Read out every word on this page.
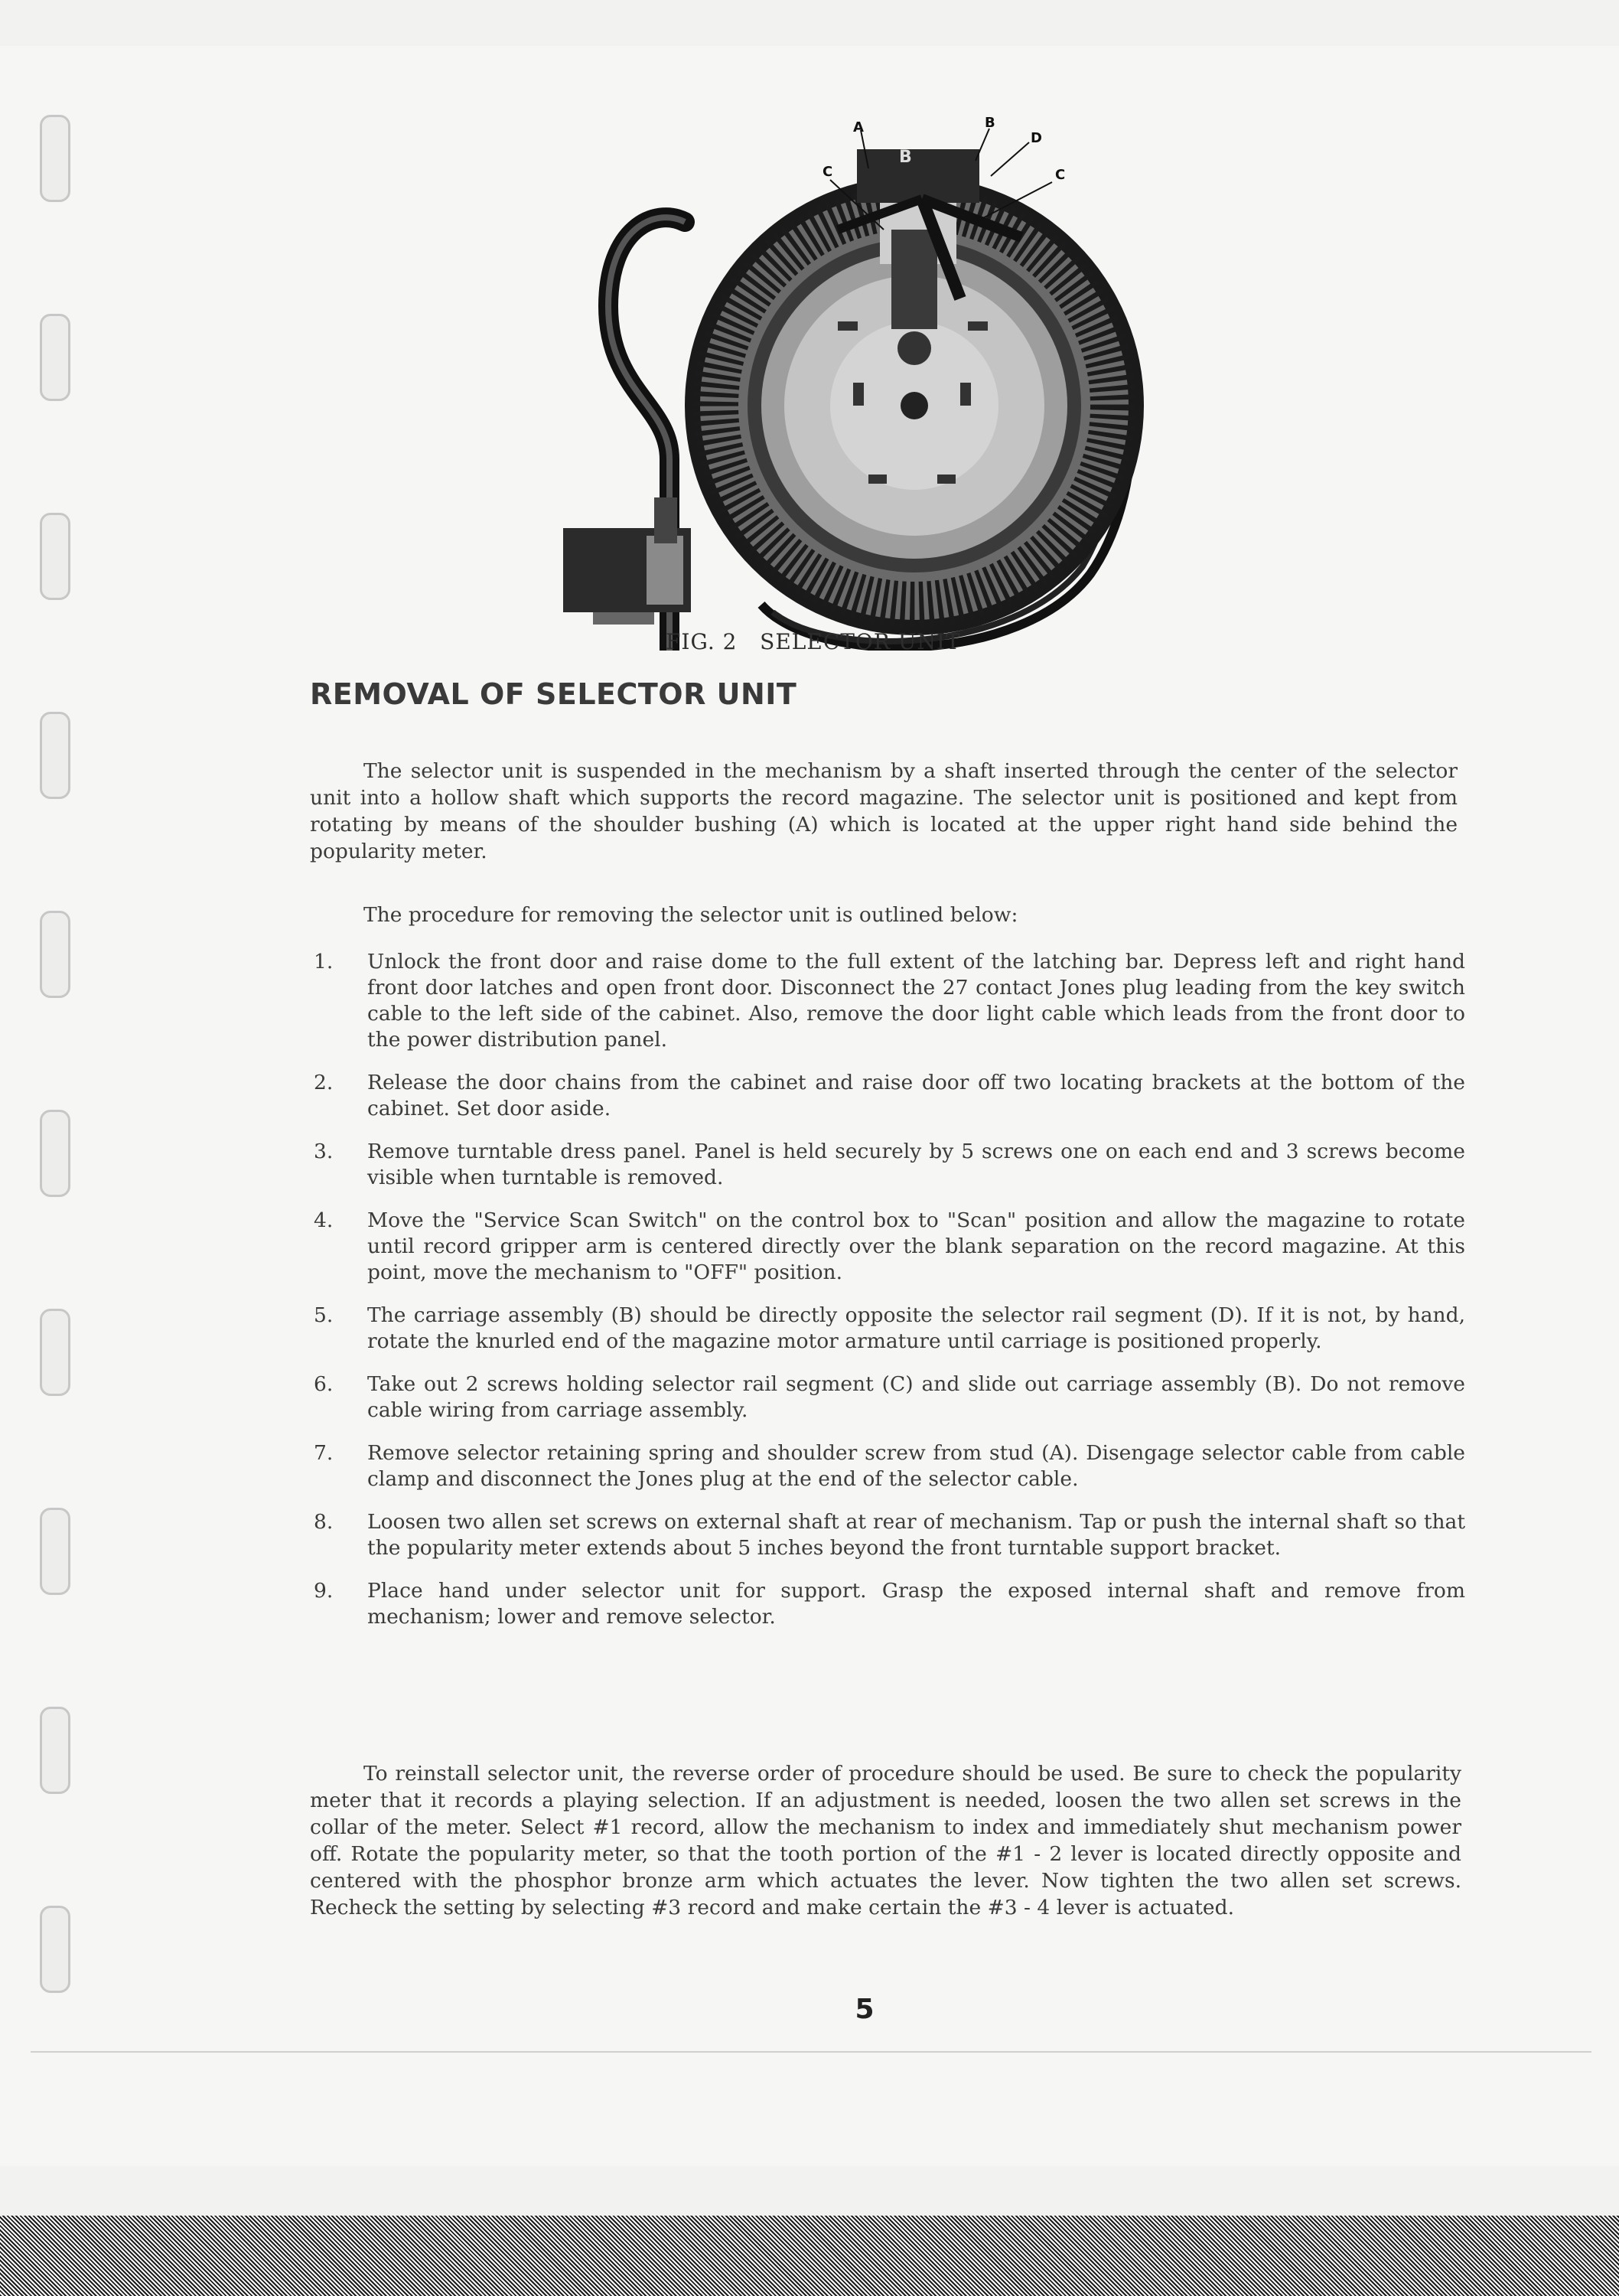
A	B
C
D
C
B
FIG. 2   SELECTOR UNIT
REMOVAL OF SELECTOR UNIT

The selector unit is suspended in the mechanism by a shaft inserted through the center of the selector unit into a hollow shaft which supports the record magazine. The selector unit is positioned and kept from rotating by means of the shoulder bushing (A) which is located at the upper right hand side behind the popularity meter.

The procedure for removing the selector unit is outlined below:

1. Unlock the front door and raise dome to the full extent of the latching bar. Depress left and right hand front door latches and open front door. Disconnect the 27 contact Jones plug leading from the key switch cable to the left side of the cabinet. Also, remove the door light cable which leads from the front door to the power distribution panel.
2. Release the door chains from the cabinet and raise door off two locating brackets at the bottom of the cabinet. Set door aside.
3. Remove turntable dress panel. Panel is held securely by 5 screws one on each end and 3 screws become visible when turntable is removed.
4. Move the "Service Scan Switch" on the control box to "Scan" position and allow the magazine to rotate until record gripper arm is centered directly over the blank separation on the record magazine. At this point, move the mechanism to "OFF" position.
5. The carriage assembly (B) should be directly opposite the selector rail segment (D). If it is not, by hand, rotate the knurled end of the magazine motor armature until carriage is positioned properly.
6. Take out 2 screws holding selector rail segment (C) and slide out carriage assembly (B). Do not remove cable wiring from carriage assembly.
7. Remove selector retaining spring and shoulder screw from stud (A). Disengage selector cable from cable clamp and disconnect the Jones plug at the end of the selector cable.
8. Loosen two allen set screws on external shaft at rear of mechanism. Tap or push the internal shaft so that the popularity meter extends about 5 inches beyond the front turntable support bracket.
9. Place hand under selector unit for support. Grasp the exposed internal shaft and remove from mechanism; lower and remove selector.

To reinstall selector unit, the reverse order of procedure should be used. Be sure to check the popularity meter that it records a playing selection. If an adjustment is needed, loosen the two allen set screws in the collar of the meter. Select #1 record, allow the mechanism to index and immediately shut mechanism power off. Rotate the popularity meter, so that the tooth portion of the #1 - 2 lever is located directly opposite and centered with the phosphor bronze arm which actuates the lever. Now tighten the two allen set screws. Recheck the setting by selecting #3 record and make certain the #3 - 4 lever is actuated.

5
